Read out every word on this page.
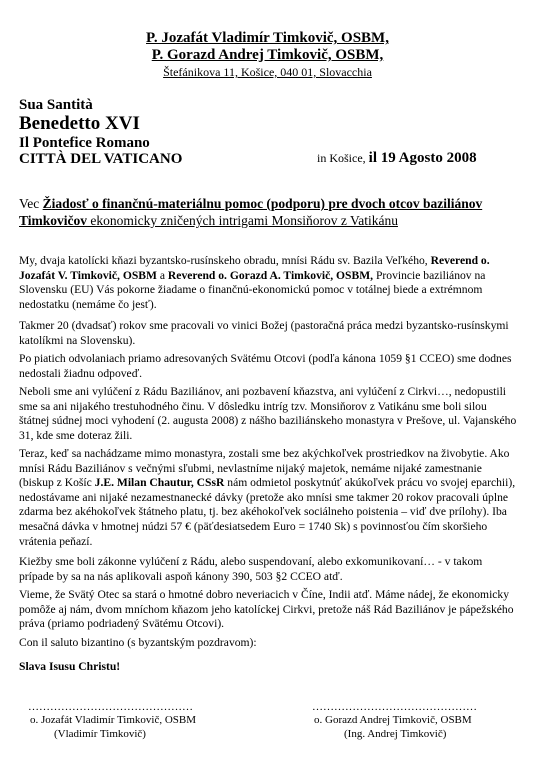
P. Jozafát Vladimír Timkovič, OSBM,
P. Gorazd Andrej Timkovič, OSBM,
Štefánikova 11, Košice, 040 01, Slovacchia
Sua Santità
Benedetto XVI
Il Pontefice Romano
CITTÀ DEL VATICANO	in Košice, il 19 Agosto 2008
Vec Žiadosť o finančnú-materiálnu pomoc (podporu) pre dvoch otcov baziliánov Timkovičov ekonomicky zničených intrigami Monsiňorov z Vatikánu

My, dvaja katolícki kňazi byzantsko-rusínskeho obradu, mnísi Rádu sv. Bazila Veľkého, Reverend o. Jozafát V. Timkovič, OSBM a Reverend o. Gorazd A. Timkovič, OSBM, Provincie baziliánov na Slovensku (EU) Vás pokorne žiadame o finančnú-ekonomickú pomoc v totálnej biede a extrémnom nedostatku (nemáme čo jesť).

Takmer 20 (dvadsať) rokov sme pracovali vo vinici Božej (pastoračná práca medzi byzantsko-rusínskymi katolíkmi na Slovensku).

Po piatich odvolaniach priamo adresovaných Svätému Otcovi (podľa kánona 1059 §1 CCEO) sme dodnes nedostali žiadnu odpoveď.

Neboli sme ani vylúčení z Rádu Baziliánov, ani pozbavení kňazstva, ani vylúčení z Cirkvi…, nedopustili sme sa ani nijakého trestuhodného činu. V dôsledku intríg tzv. Monsiňorov z Vatikánu sme boli silou štátnej súdnej moci vyhodení (2. augusta 2008) z nášho baziliánskeho monastyra v Prešove, ul. Vajanského 31, kde sme doteraz žili.

Teraz, keď sa nachádzame mimo monastyra, zostali sme bez akýchkoľvek prostriedkov na živobytie. Ako mnísi Rádu Baziliánov s večnými sľubmi, nevlastníme nijaký majetok, nemáme nijaké zamestnanie (biskup z Košíc J.E. Milan Chautur, CSsR nám odmietol poskytnúť akúkoľvek prácu vo svojej eparchii), nedostávame ani nijaké nezamestnanecké dávky (pretože ako mnísi sme takmer 20 rokov pracovali úplne zdarma bez akéhokoľvek štátneho platu, tj. bez akéhokoľvek sociálneho poistenia – viď dve prílohy). Iba mesačná dávka v hmotnej núdzi 57 € (päťdesiatsedem Euro = 1740 Sk) s povinnosťou čím skoršieho vrátenia peňazí.

Kiežby sme boli zákonne vylúčení z Rádu, alebo suspendovaní, alebo exkomunikovaní… - v takom prípade by sa na nás aplikovali aspoň kánony 390, 503 §2 CCEO atď.

Vieme, že Svätý Otec sa stará o hmotné dobro neveriacich v Číne, Indii atď. Máme nádej, že ekonomicky pomôže aj nám, dvom mníchom kňazom jeho katolíckej Cirkvi, pretože náš Rád Baziliánov je pápežského práva (priamo podriadený Svätému Otcovi).

Con il saluto bizantino (s byzantským pozdravom):

Slava Isusu Christu!

………………………………………
o. Jozafát Vladimír Timkovič, OSBM
(Vladimír Timkovič)
………………………………………
o. Gorazd Andrej Timkovič, OSBM
(Ing. Andrej Timkovič)
